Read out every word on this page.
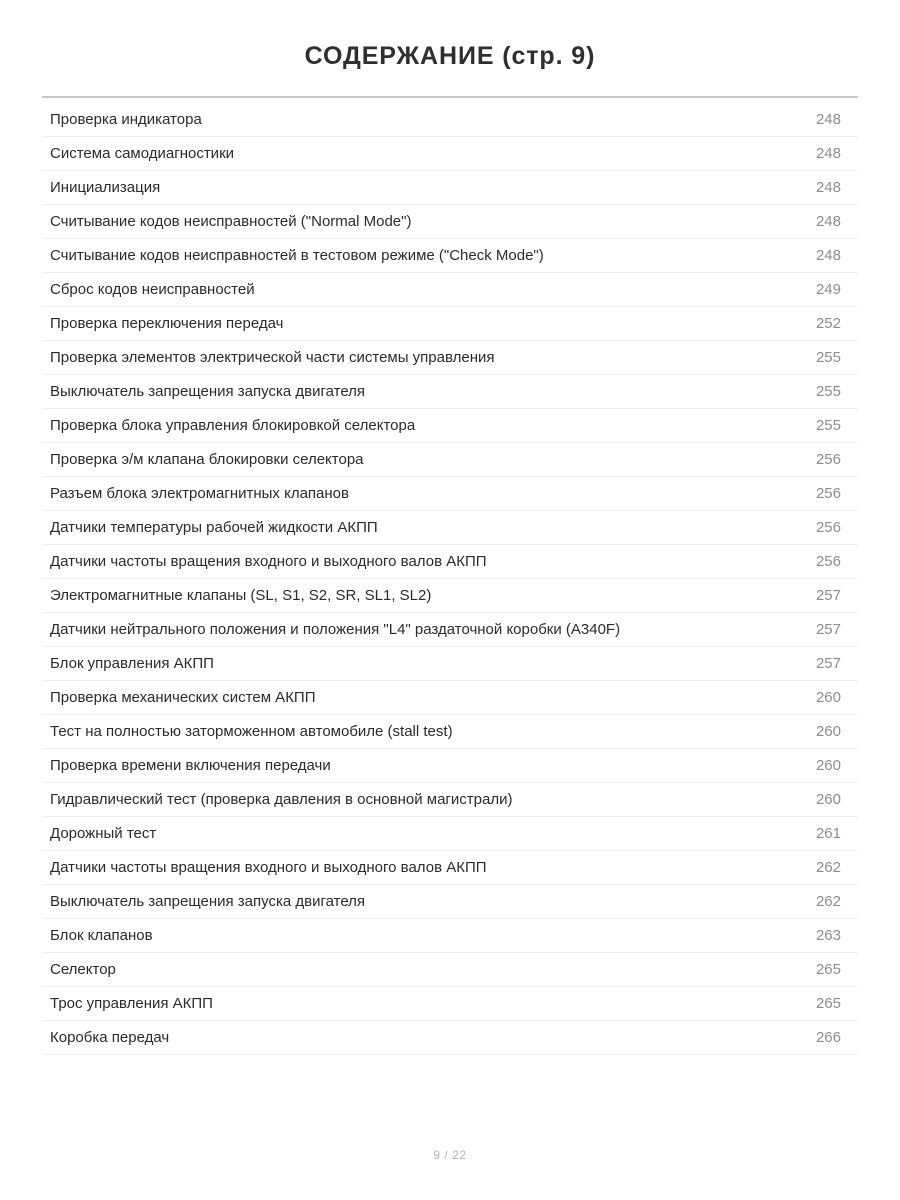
СОДЕРЖАНИЕ (стр. 9)
Проверка индикатора	248
Система самодиагностики	248
Инициализация	248
Считывание кодов неисправностей ("Normal Mode")	248
Считывание кодов неисправностей в тестовом режиме ("Check Mode")	248
Сброс кодов неисправностей	249
Проверка переключения передач	252
Проверка элементов электрической части системы управления	255
Выключатель запрещения запуска двигателя	255
Проверка блока управления блокировкой селектора	255
Проверка э/м клапана блокировки селектора	256
Разъем блока электромагнитных клапанов	256
Датчики температуры рабочей жидкости АКПП	256
Датчики частоты вращения входного и выходного валов АКПП	256
Электромагнитные клапаны (SL, S1, S2, SR, SL1, SL2)	257
Датчики нейтрального положения и положения "L4" раздаточной коробки (A340F)	257
Блок управления АКПП	257
Проверка механических систем АКПП	260
Тест на полностью заторможенном автомобиле (stall test)	260
Проверка времени включения передачи	260
Гидравлический тест (проверка давления в основной магистрали)	260
Дорожный тест	261
Датчики частоты вращения входного и выходного валов АКПП	262
Выключатель запрещения запуска двигателя	262
Блок клапанов	263
Селектор	265
Трос управления АКПП	265
Коробка передач	266
9 / 22
